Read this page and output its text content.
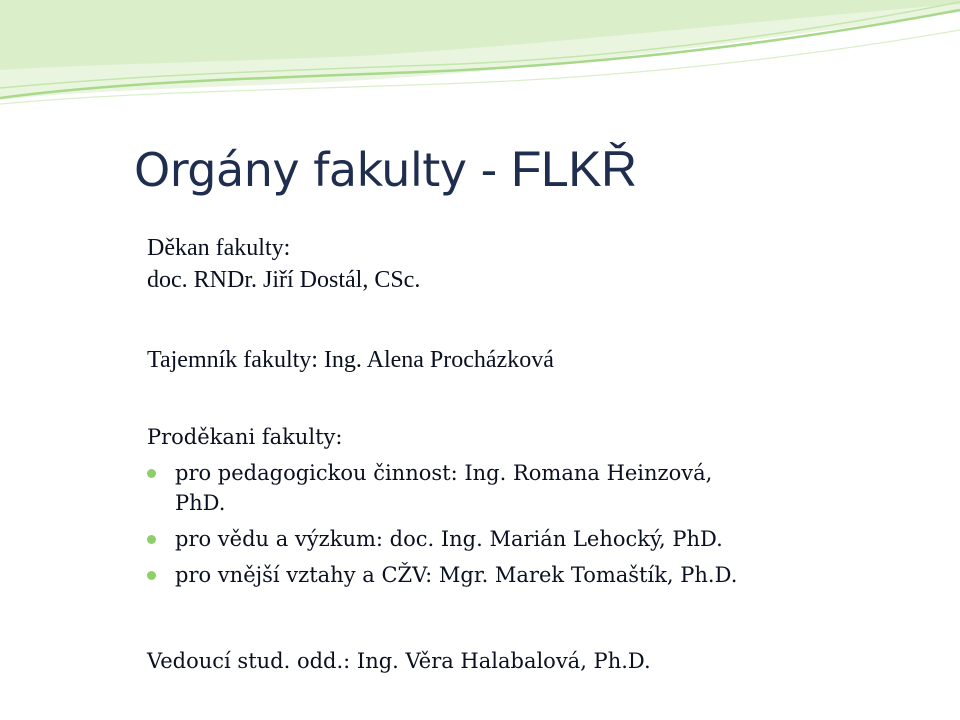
Orgány fakulty - FLKŘ
Děkan fakulty:
doc. RNDr. Jiří Dostál, CSc.
Tajemník fakulty: Ing. Alena Procházková
Proděkani fakulty:
pro pedagogickou činnost: Ing. Romana Heinzová,
PhD.
pro vědu a výzkum: doc. Ing. Marián Lehocký, PhD.
pro vnější vztahy a CŽV: Mgr. Marek Tomaštík, Ph.D.
Vedoucí stud. odd.: Ing. Věra Halabalová, Ph.D.
